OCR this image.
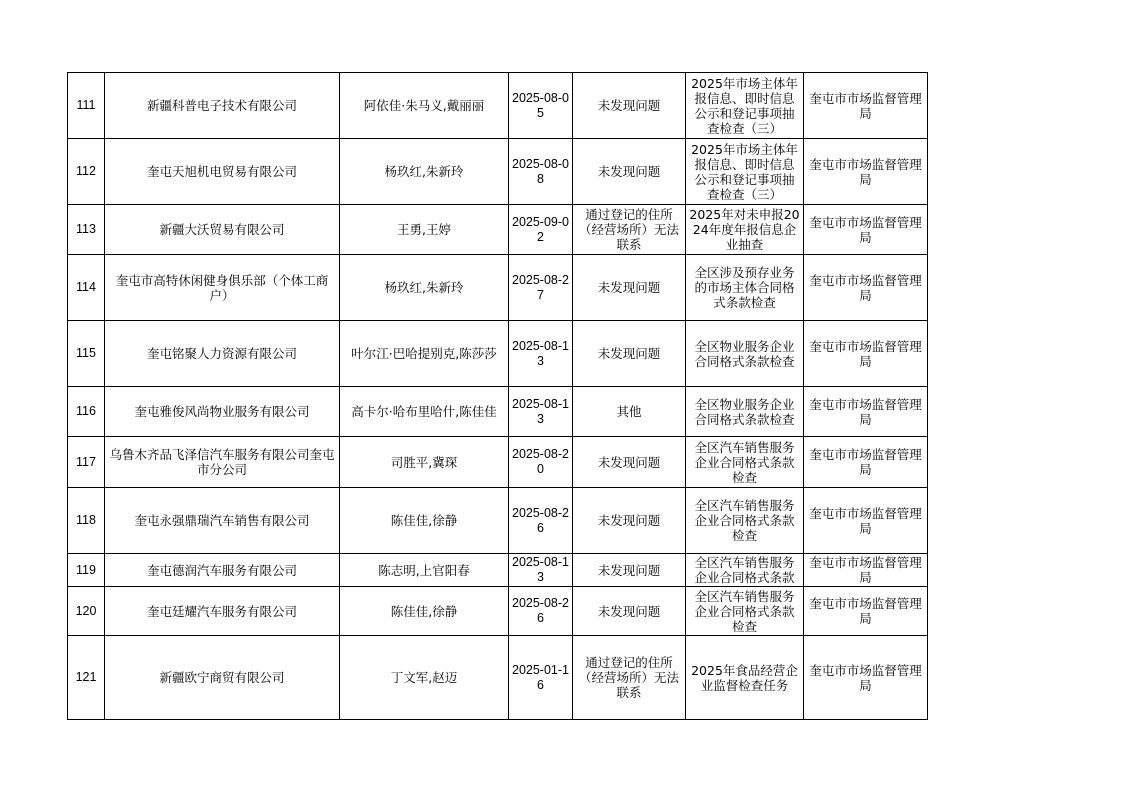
111	新疆科普电子技术有限公司	阿依佳·朱马义,戴丽丽	2025-08-05	未发现问题	2025年市场主体年报信息、即时信息公示和登记事项抽查检查（三）	奎屯市市场监督管理局
112	奎屯天旭机电贸易有限公司	杨玖红,朱新玲	2025-08-08	未发现问题	2025年市场主体年报信息、即时信息公示和登记事项抽查检查（三）	奎屯市市场监督管理局
113	新疆大沃贸易有限公司	王勇,王婷	2025-09-02	通过登记的住所（经营场所）无法联系	2025年对未申报2024年度年报信息企业抽查	奎屯市市场监督管理局
114	奎屯市高特休闲健身俱乐部（个体工商户）	杨玖红,朱新玲	2025-08-27	未发现问题	全区涉及预存业务的市场主体合同格式条款检查	奎屯市市场监督管理局
115	奎屯铭聚人力资源有限公司	叶尔江·巴哈提别克,陈莎莎	2025-08-13	未发现问题	全区物业服务企业合同格式条款检查	奎屯市市场监督管理局
116	奎屯雅俊风尚物业服务有限公司	高卡尔·哈布里哈什,陈佳佳	2025-08-13	其他	全区物业服务企业合同格式条款检查	奎屯市市场监督管理局
117	乌鲁木齐品飞泽信汽车服务有限公司奎屯市分公司	司胜平,冀琛	2025-08-20	未发现问题	全区汽车销售服务企业合同格式条款检查	奎屯市市场监督管理局
118	奎屯永强鼎瑞汽车销售有限公司	陈佳佳,徐静	2025-08-26	未发现问题	全区汽车销售服务企业合同格式条款检查	奎屯市市场监督管理局
119	奎屯德润汽车服务有限公司	陈志明,上官阳春	2025-08-13	未发现问题	全区汽车销售服务企业合同格式条款	奎屯市市场监督管理局
120	奎屯廷耀汽车服务有限公司	陈佳佳,徐静	2025-08-26	未发现问题	全区汽车销售服务企业合同格式条款检查	奎屯市市场监督管理局
121	新疆欧宁商贸有限公司	丁文军,赵迈	2025-01-16	通过登记的住所（经营场所）无法联系	2025年食品经营企业监督检查任务	奎屯市市场监督管理局
